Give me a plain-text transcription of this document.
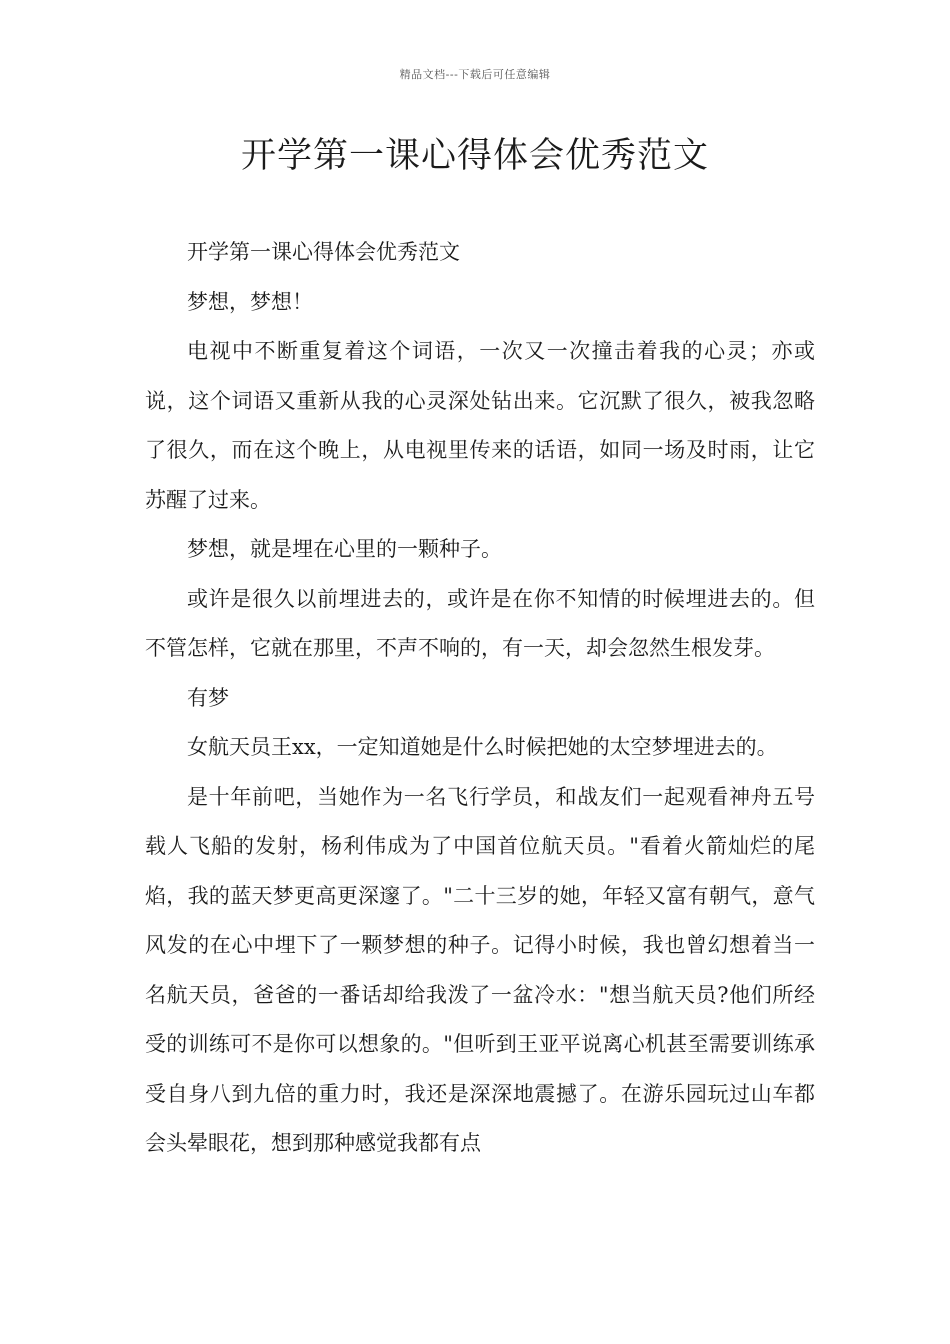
精品文档---下载后可任意编辑
开学第一课心得体会优秀范文

开学第一课心得体会优秀范文

梦想，梦想！

电视中不断重复着这个词语，一次又一次撞击着我的心灵；亦或说，这个词语又重新从我的心灵深处钻出来。它沉默了很久，被我忽略了很久，而在这个晚上，从电视里传来的话语，如同一场及时雨，让它苏醒了过来。

梦想，就是埋在心里的一颗种子。

或许是很久以前埋进去的，或许是在你不知情的时候埋进去的。但不管怎样，它就在那里，不声不响的，有一天，却会忽然生根发芽。

有梦

女航天员王xx，一定知道她是什么时候把她的太空梦埋进去的。

是十年前吧，当她作为一名飞行学员，和战友们一起观看神舟五号载人飞船的发射，杨利伟成为了中国首位航天员。"看着火箭灿烂的尾焰，我的蓝天梦更高更深邃了。"二十三岁的她，年轻又富有朝气，意气风发的在心中埋下了一颗梦想的种子。记得小时候，我也曾幻想着当一名航天员，爸爸的一番话却给我泼了一盆冷水："想当航天员?他们所经受的训练可不是你可以想象的。"但听到王亚平说离心机甚至需要训练承受自身八到九倍的重力时，我还是深深地震撼了。在游乐园玩过山车都会头晕眼花，想到那种感觉我都有点
